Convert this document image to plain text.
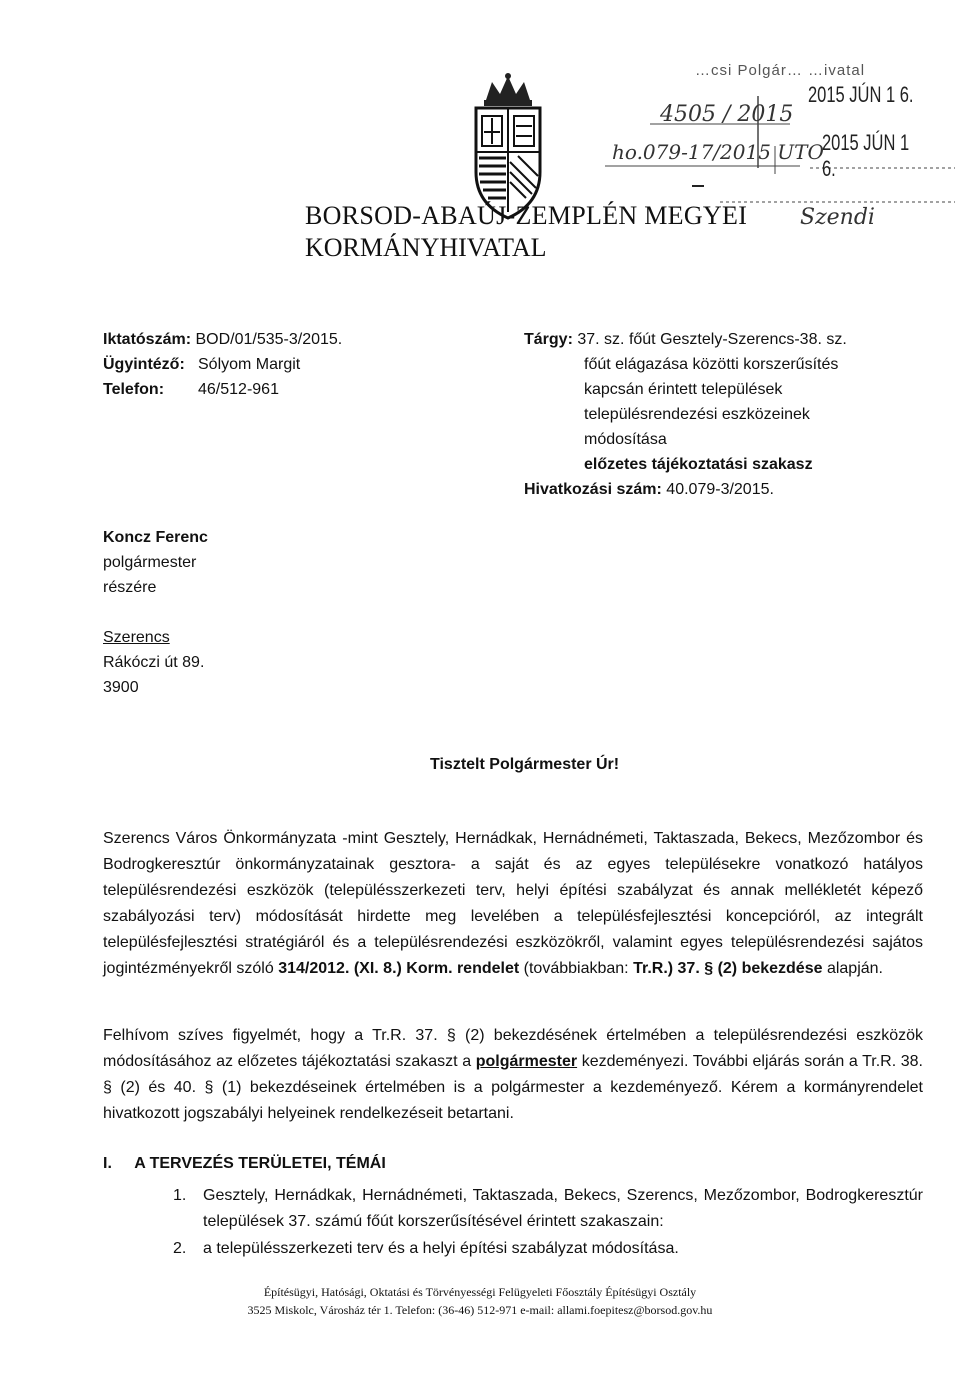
…csi Polgár… …ivatal
2015 JÚN 1 6.
2015 JÚN 1 6.
4505 / 2015
ho.079-17/2015 UTO
Szendi
BORSOD-ABAÚJ-ZEMPLÉN MEGYEI
KORMÁNYHIVATAL
Iktatószám: BOD/01/535-3/2015.
Ügyintéző: Sólyom Margit
Telefon: 46/512-961
Tárgy: 37. sz. főút Gesztely-Szerencs-38. sz.
főút elágazása közötti korszerűsítés
kapcsán érintett települések
településrendezési eszközeinek
módosítása
előzetes tájékoztatási szakasz
Hivatkozási szám: 40.079-3/2015.
Koncz Ferenc
polgármester
részére
Szerencs
Rákóczi út 89.
3900
Tisztelt Polgármester Úr!
Szerencs Város Önkormányzata -mint Gesztely, Hernádkak, Hernádnémeti, Taktaszada, Bekecs, Mezőzombor és Bodrogkeresztúr önkormányzatainak gesztora- a saját és az egyes településekre vonatkozó hatályos településrendezési eszközök (településszerkezeti terv, helyi építési szabályzat és annak mellékletét képező szabályozási terv) módosítását hirdette meg levelében a településfejlesztési koncepcióról, az integrált településfejlesztési stratégiáról és a településrendezési eszközökről, valamint egyes településrendezési sajátos jogintézményekről szóló 314/2012. (XI. 8.) Korm. rendelet (továbbiakban: Tr.R.) 37. § (2) bekezdése alapján.
Felhívom szíves figyelmét, hogy a Tr.R. 37. § (2) bekezdésének értelmében a településrendezési eszközök módosításához az előzetes tájékoztatási szakaszt a polgármester kezdeményezi. További eljárás során a Tr.R. 38. § (2) és 40. § (1) bekezdéseinek értelmében is a polgármester a kezdeményező. Kérem a kormányrendelet hivatkozott jogszabályi helyeinek rendelkezéseit betartani.
I. A TERVEZÉS TERÜLETEI, TÉMÁI
1.	Gesztely, Hernádkak, Hernádnémeti, Taktaszada, Bekecs, Szerencs, Mezőzombor, Bodrogkeresztúr települések 37. számú főút korszerűsítésével érintett szakaszain:
2.	a településszerkezeti terv és a helyi építési szabályzat módosítása.
Építésügyi, Hatósági, Oktatási és Törvényességi Felügyeleti Főosztály Építésügyi Osztály
3525 Miskolc, Városház tér 1. Telefon: (36-46) 512-971 e-mail: allami.foepitesz@borsod.gov.hu
